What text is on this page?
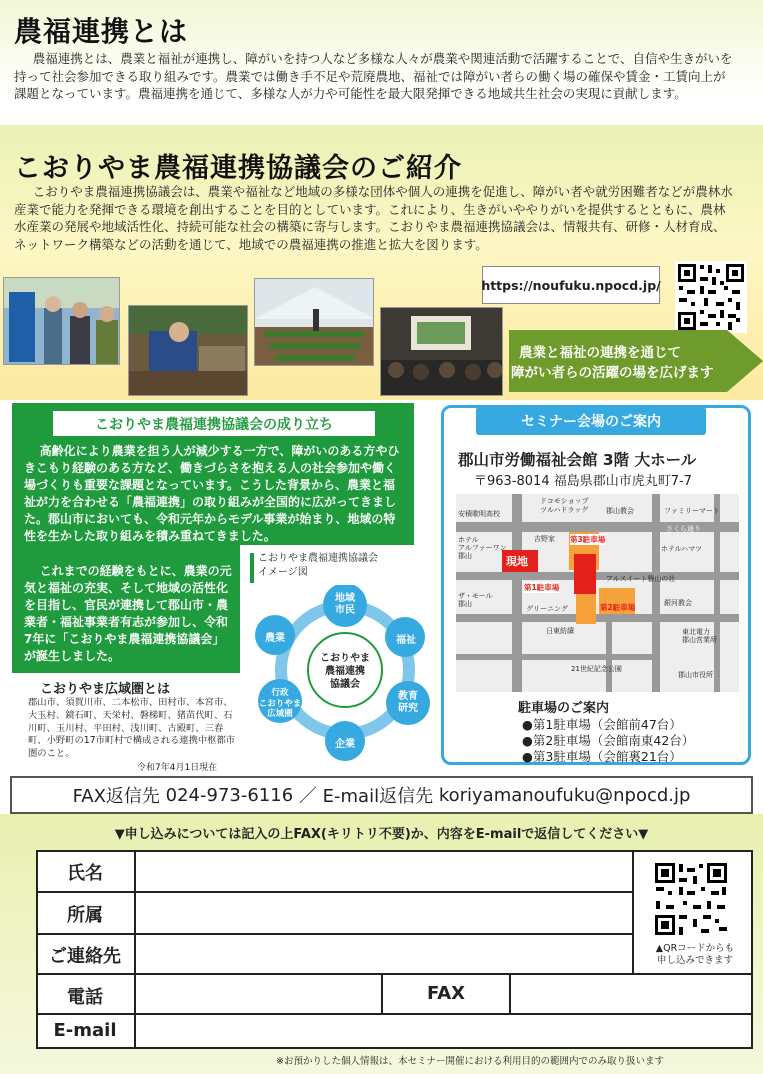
農福連携とは
農福連携とは、農業と福祉が連携し、障がいを持つ人など多様な人々が農業や関連活動で活躍することで、自信や生きがいを持って社会参加できる取り組みです。農業では働き手不足や荒廃農地、福祉では障がい者らの働く場の確保や賃金・工賃向上が課題となっています。農福連携を通じて、多様な人が力や可能性を最大限発揮できる地域共生社会の実現に貢献します。
こおりやま農福連携協議会のご紹介
こおりやま農福連携協議会は、農業や福祉など地域の多様な団体や個人の連携を促進し、障がい者や就労困難者などが農林水産業で能力を発揮できる環境を創出することを目的としています。これにより、生きがいややりがいを提供するとともに、農林水産業の発展や地域活性化、持続可能な社会の構築に寄与します。こおりやま農福連携協議会は、情報共有、研修・人材育成、ネットワーク構築などの活動を通じて、地域での農福連携の推進と拡大を図ります。
https://noufuku.npocd.jp/
農業と福祉の連携を通じて
障がい者らの活躍の場を広げます
こおりやま農福連携協議会の成り立ち
高齢化により農業を担う人が減少する一方で、障がいのある方やひきこもり経験のある方など、働きづらさを抱える人の社会参加や働く場づくりも重要な課題となっています。こうした背景から、農業と福祉が力を合わせる「農福連携」の取り組みが全国的に広がってきました。郡山市においても、令和元年からモデル事業が始まり、地域の特性を生かした取り組みを積み重ねてきました。
これまでの経験をもとに、農業の元気と福祉の充実、そして地域の活性化を目指し、官民が連携して郡山市・農業者・福祉事業者有志が参加し、令和7年に「こおりやま農福連携協議会」が誕生しました。
こおりやま農福連携協議会
イメージ図
こおりやま
農福連携
協議会
地域
市民
福祉
教育
研究
企業
行政
こおりやま
広域圏
農業
こおりやま広域圏とは
郡山市、須賀川市、二本松市、田村市、本宮市、大玉村、鏡石町、天栄村、磐梯町、猪苗代町、石川町、玉川村、平田村、浅川町、古殿町、三春町、小野町の17市町村で構成される連携中枢都市圏のこと。
令和7年4月1日現在
セミナー会場のご案内
郡山市労働福祉会館 3階 大ホール
〒963-8014 福島県郡山市虎丸町7-7
ドコモショップ
ツルハドラッグ
安積歌明高校	郡山教会	ファミリーマート
さくら通り
ホテル
アルファーワン
郡山
吉野家
ホテルハマツ
第3駐車場
現地
第1駐車場
アルスイート磐山の社
ザ・モール
郡山
グリーニング	第2駐車場	銀河教会
日東紡績	東北電力
郡山営業所
21世紀記念公園
郡山市役所
駐車場のご案内
●第1駐車場（会館前47台）
●第2駐車場（会館南東42台）
●第3駐車場（会館裏21台）
FAX返信先
024-973-6116
／
E-mail返信先
koriyamanoufuku@npocd.jp
▼申し込みについては記入の上FAX(キリトリ不要)か、内容をE-mailで返信してください▼
氏名
所属
ご連絡先
電話	FAX
E-mail
▲QRコードからも
申し込みできます
※お預かりした個人情報は、本セミナー開催における利用目的の範囲内でのみ取り扱います
